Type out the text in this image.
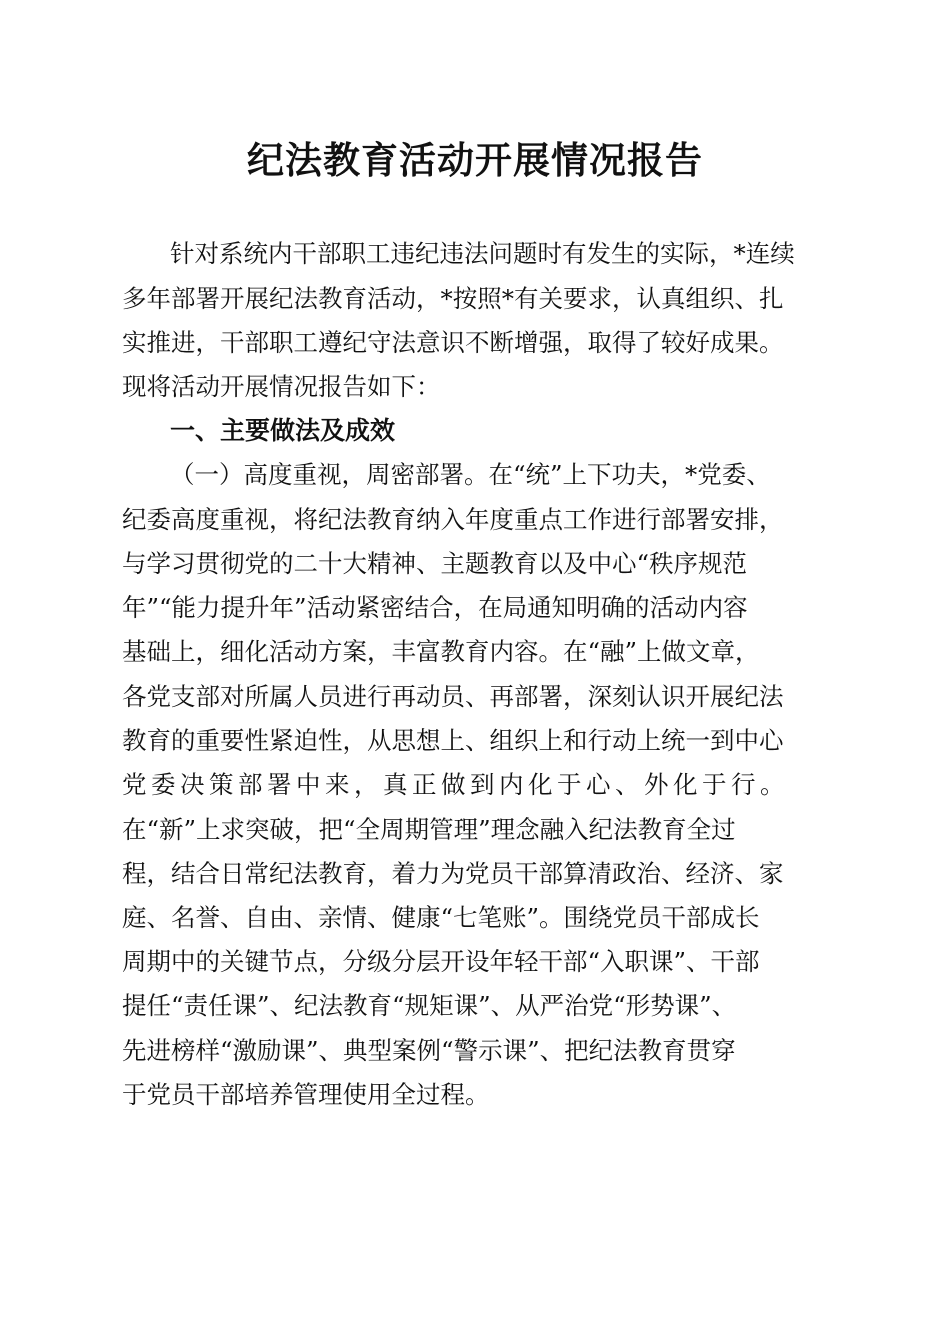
纪法教育活动开展情况报告

针对系统内干部职工违纪违法问题时有发生的实际，*连续

多年部署开展纪法教育活动，*按照*有关要求，认真组织、扎

实推进，干部职工遵纪守法意识不断增强，取得了较好成果。

现将活动开展情况报告如下：

一、主要做法及成效

（一）高度重视，周密部署。在“统”上下功夫，*党委、

纪委高度重视，将纪法教育纳入年度重点工作进行部署安排，

与学习贯彻党的二十大精神、主题教育以及中心“秩序规范

年”“能力提升年”活动紧密结合，在局通知明确的活动内容

基础上，细化活动方案，丰富教育内容。在“融”上做文章，

各党支部对所属人员进行再动员、再部署，深刻认识开展纪法

教育的重要性紧迫性，从思想上、组织上和行动上统一到中心

党委决策部署中来，真正做到内化于心、外化于行。

在“新”上求突破，把“全周期管理”理念融入纪法教育全过

程，结合日常纪法教育，着力为党员干部算清政治、经济、家

庭、名誉、自由、亲情、健康“七笔账”。围绕党员干部成长

周期中的关键节点，分级分层开设年轻干部“入职课”、干部

提任“责任课”、纪法教育“规矩课”、从严治党“形势课”、

先进榜样“激励课”、典型案例“警示课”、把纪法教育贯穿

于党员干部培养管理使用全过程。
